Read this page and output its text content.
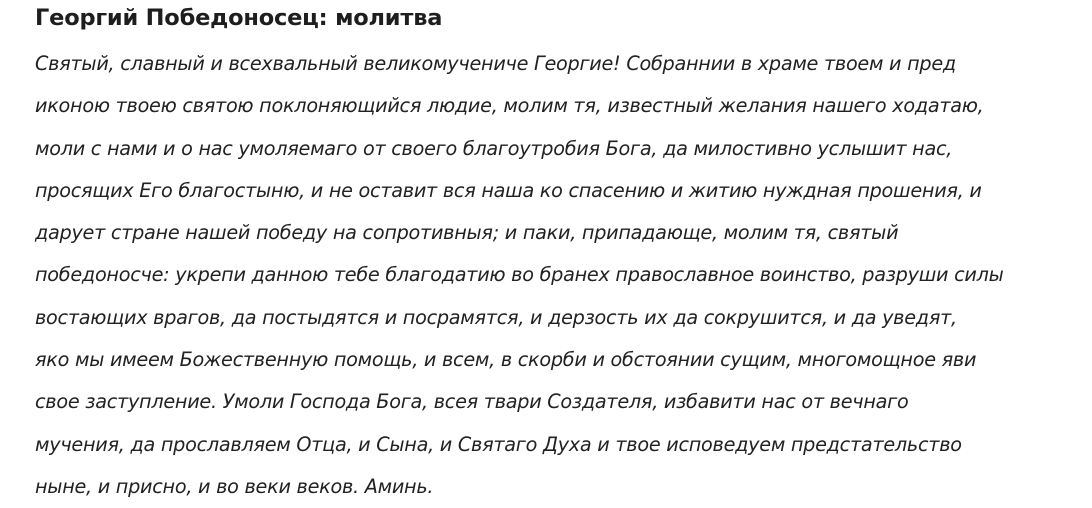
Георгий Победоносец: молитва
Святый, славный и всехвальный великомучениче Георгие! Собраннии в храме твоем и пред
иконою твоею святою поклоняющийся людие, молим тя, известный желания нашего ходатаю,
моли с нами и о нас умоляемаго от своего благоутробия Бога, да милостивно услышит нас,
просящих Его благостыню, и не оставит вся наша ко спасению и житию нуждная прошения, и
дарует стране нашей победу на сопротивныя; и паки, припадающе, молим тя, святый
победоносче: укрепи данною тебе благодатию во бранех православное воинство, разруши силы
востающих врагов, да постыдятся и посрамятся, и дерзость их да сокрушится, и да уведят,
яко мы имеем Божественную помощь, и всем, в скорби и обстоянии сущим, многомощное яви
свое заступление. Умоли Господа Бога, всея твари Создателя, избавити нас от вечнаго
мучения, да прославляем Отца, и Сына, и Святаго Духа и твое исповедуем предстательство
ныне, и присно, и во веки веков. Аминь.
